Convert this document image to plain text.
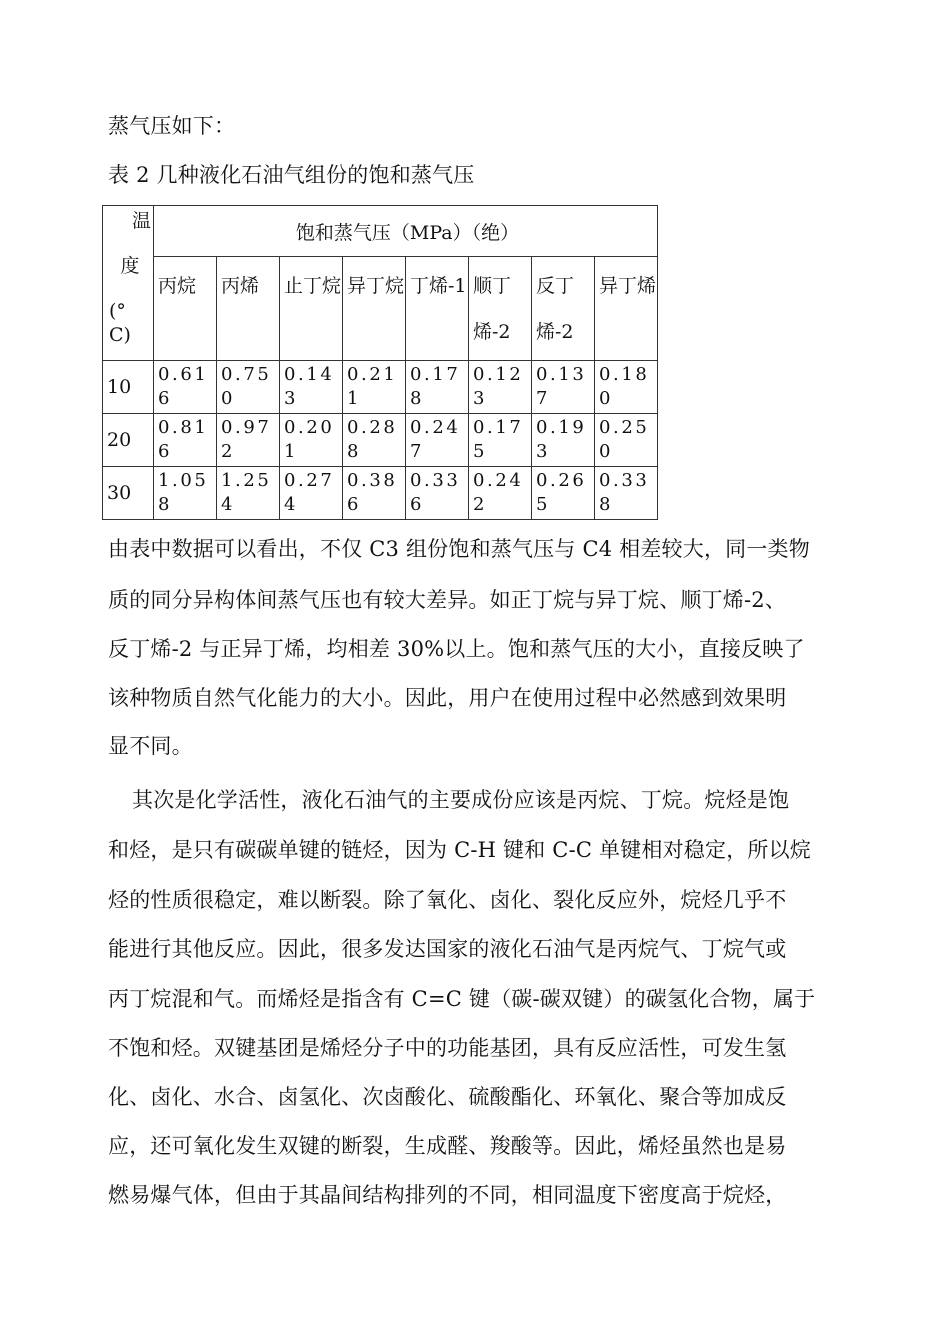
蒸气压如下：
表 2 几种液化石油气组份的饱和蒸气压
温
度
(°
C)	饱和蒸气压（MPa）（绝）							
	丙烷	丙烯	止丁烷	异丁烷	丁烯-1	顺丁烯-2	反丁烯-2	异丁烯
10	0.616	0.750	0.143	0.211	0.178	0.123	0.137	0.180
20	0.816	0.972	0.201	0.288	0.247	0.175	0.193	0.250
30	1.058	1.254	0.274	0.386	0.336	0.242	0.265	0.338
由表中数据可以看出，不仅 C3 组份饱和蒸气压与 C4 相差较大，同一类物
质的同分异构体间蒸气压也有较大差异。如正丁烷与异丁烷、顺丁烯-2、
反丁烯-2 与正异丁烯，均相差 30%以上。饱和蒸气压的大小，直接反映了
该种物质自然气化能力的大小。因此，用户在使用过程中必然感到效果明
显不同。
其次是化学活性，液化石油气的主要成份应该是丙烷、丁烷。烷烃是饱
和烃，是只有碳碳单键的链烃，因为 C-H 键和 C-C 单键相对稳定，所以烷
烃的性质很稳定，难以断裂。除了氧化、卤化、裂化反应外，烷烃几乎不
能进行其他反应。因此，很多发达国家的液化石油气是丙烷气、丁烷气或
丙丁烷混和气。而烯烃是指含有 C=C 键（碳-碳双键）的碳氢化合物，属于
不饱和烃。双键基团是烯烃分子中的功能基团，具有反应活性，可发生氢
化、卤化、水合、卤氢化、次卤酸化、硫酸酯化、环氧化、聚合等加成反
应，还可氧化发生双键的断裂，生成醛、羧酸等。因此，烯烃虽然也是易
燃易爆气体，但由于其晶间结构排列的不同，相同温度下密度高于烷烃，
